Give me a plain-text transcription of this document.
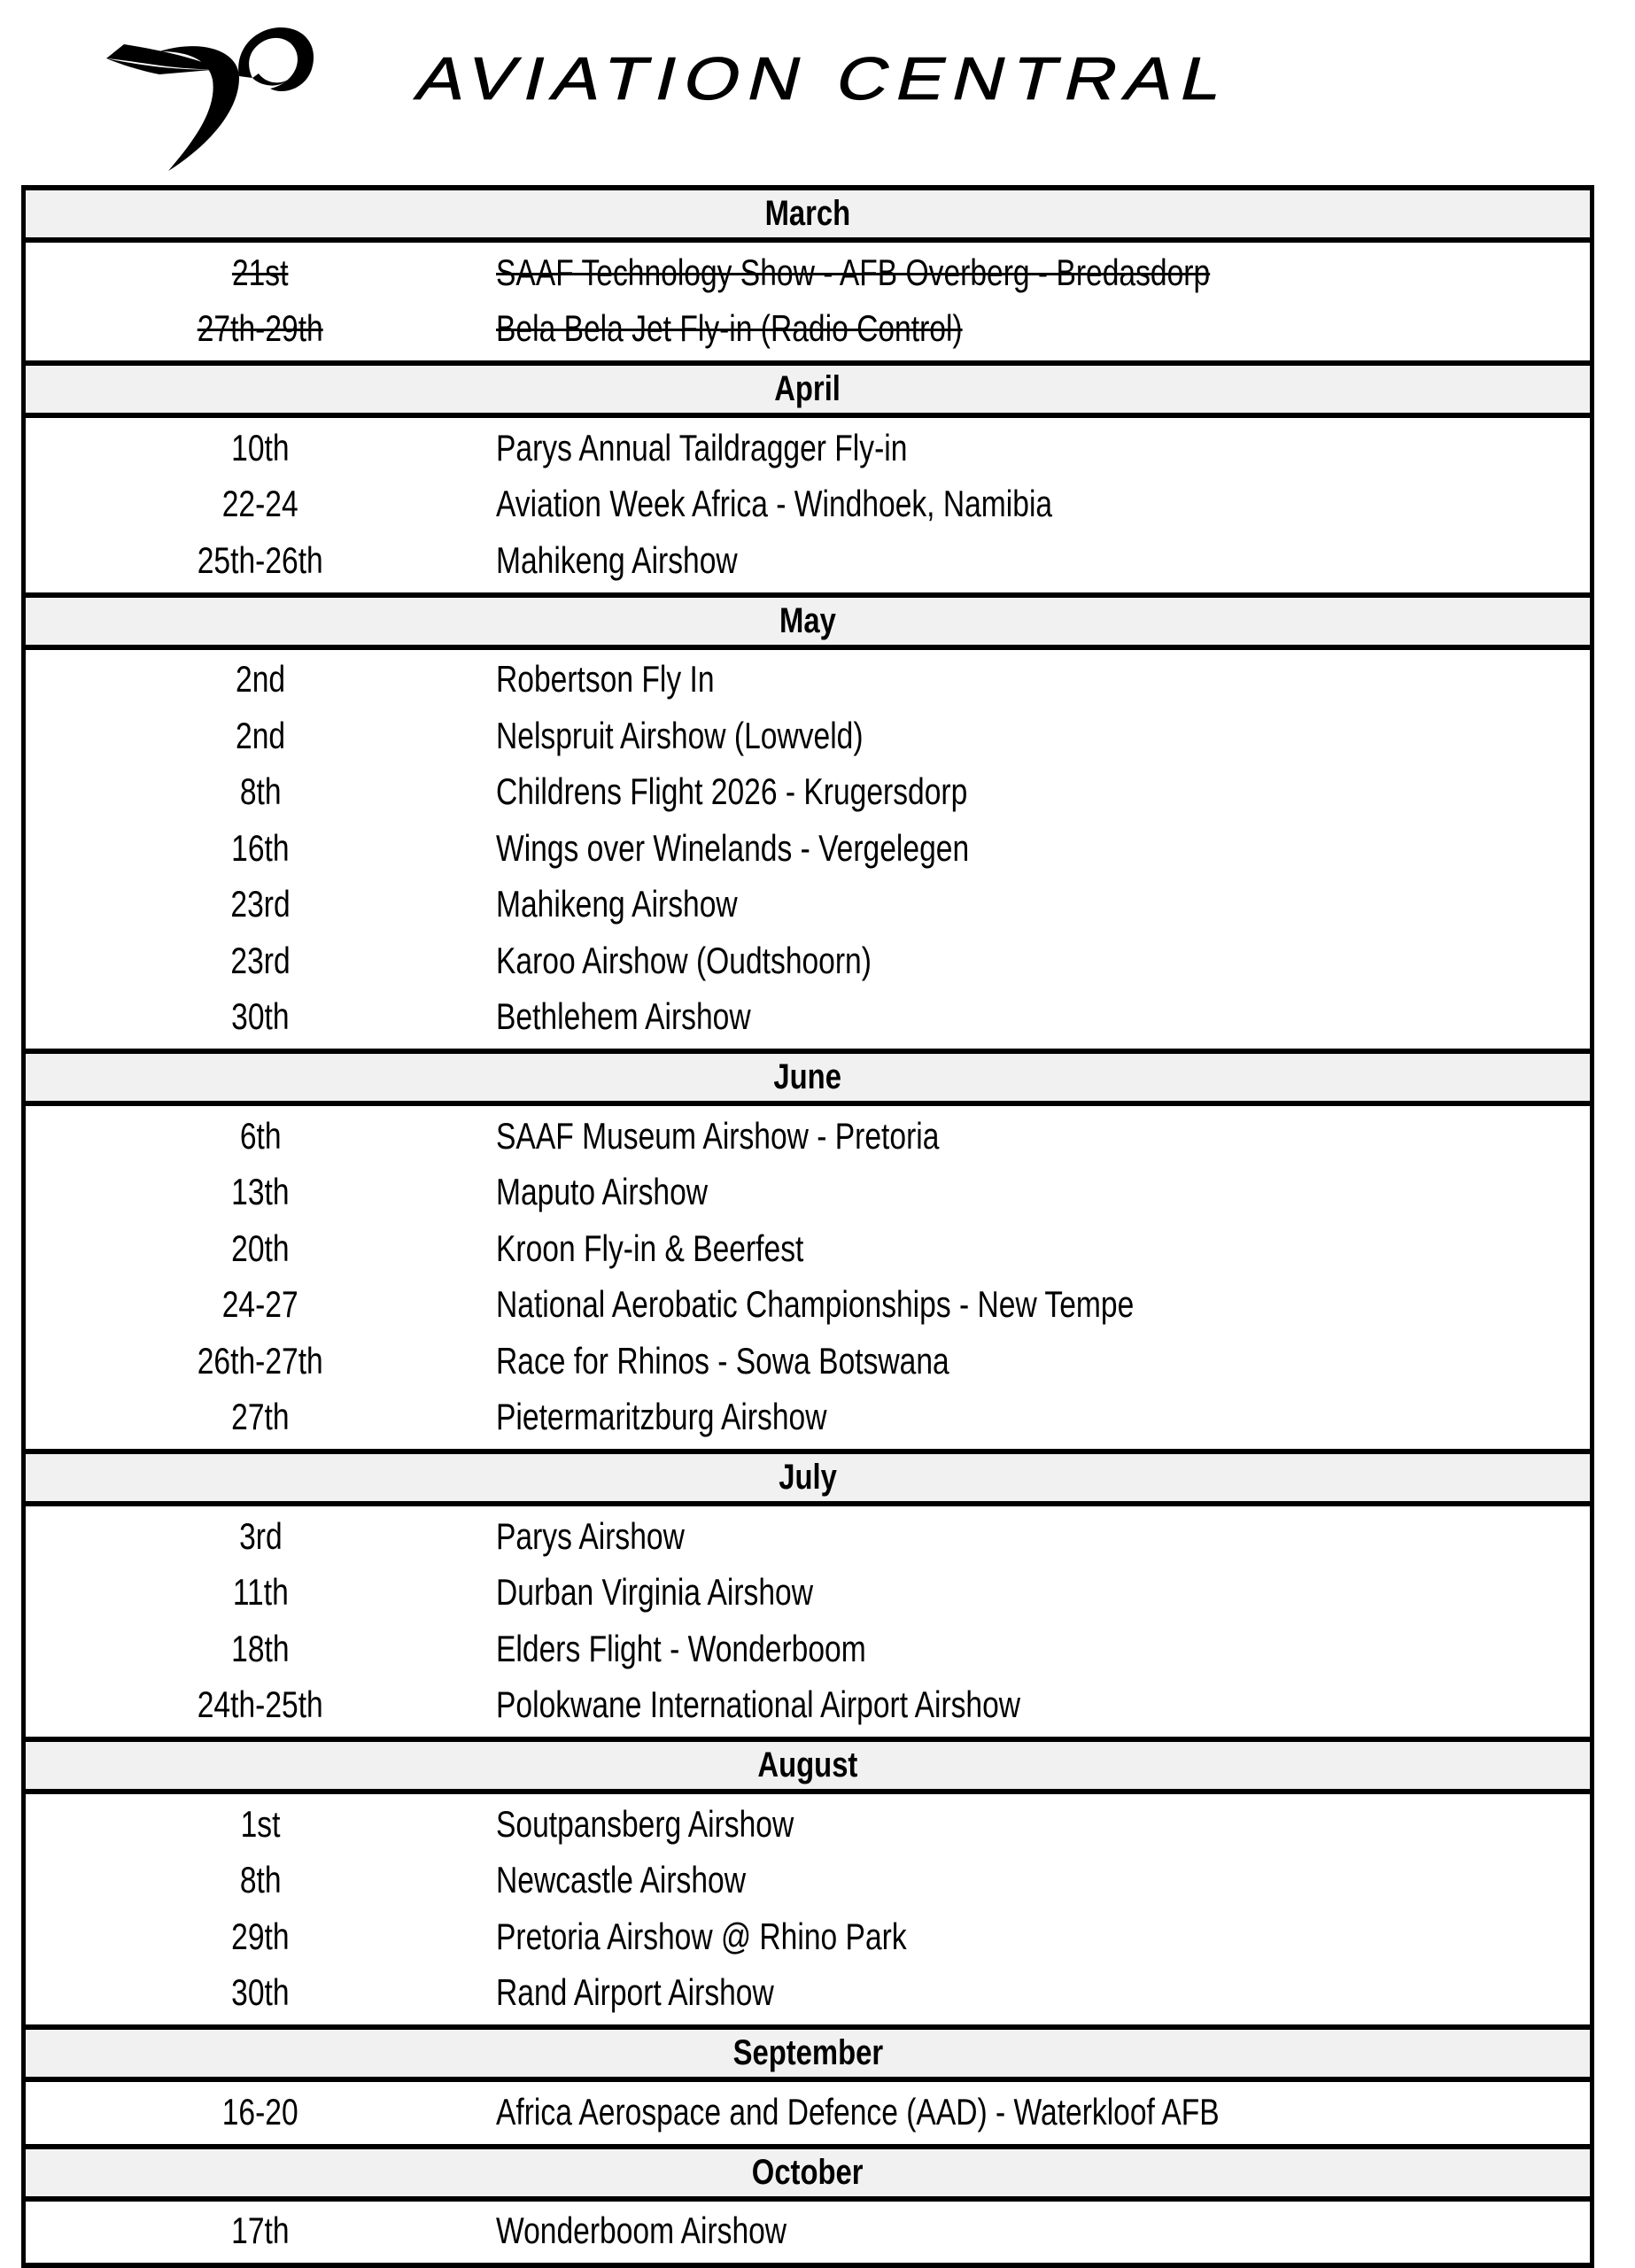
AVIATION CENTRAL
March
21st	SAAF Technology Show - AFB Overberg - Bredasdorp
27th-29th	Bela Bela Jet Fly-in (Radio Control)
April
10th	Parys Annual Taildragger Fly-in
22-24	Aviation Week Africa - Windhoek, Namibia
25th-26th	Mahikeng Airshow
May
2nd	Robertson Fly In
2nd	Nelspruit Airshow (Lowveld)
8th	Childrens Flight 2026 - Krugersdorp
16th	Wings over Winelands - Vergelegen
23rd	Mahikeng Airshow
23rd	Karoo Airshow (Oudtshoorn)
30th	Bethlehem Airshow
June
6th	SAAF Museum Airshow - Pretoria
13th	Maputo Airshow
20th	Kroon Fly-in & Beerfest
24-27	National Aerobatic Championships - New Tempe
26th-27th	Race for Rhinos - Sowa Botswana
27th	Pietermaritzburg Airshow
July
3rd	Parys Airshow
11th	Durban Virginia Airshow
18th	Elders Flight - Wonderboom
24th-25th	Polokwane International Airport Airshow
August
1st	Soutpansberg Airshow
8th	Newcastle Airshow
29th	Pretoria Airshow @ Rhino Park
30th	Rand Airport Airshow
September
16-20	Africa Aerospace and Defence (AAD) - Waterkloof AFB
October
17th	Wonderboom Airshow
